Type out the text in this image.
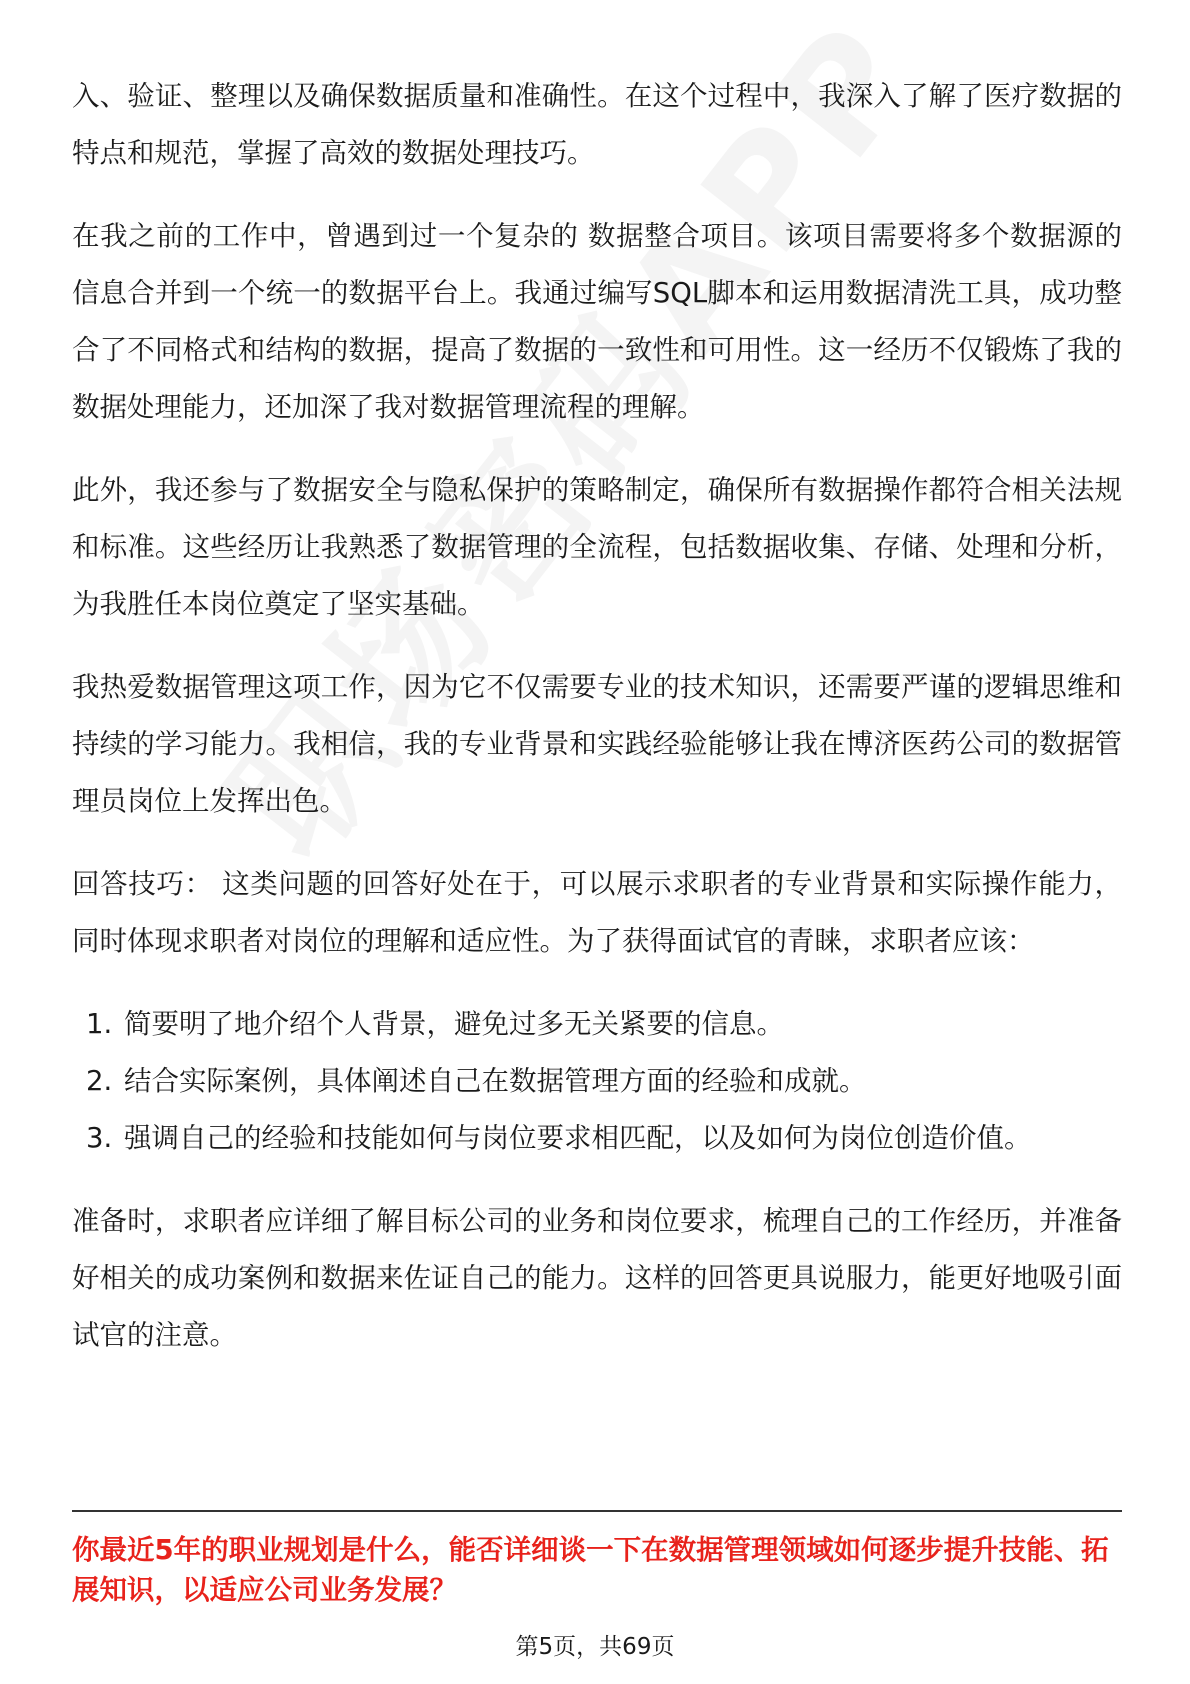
入、验证、整理以及确保数据质量和准确性。在这个过程中，我深入了解了医疗数据的特点和规范，掌握了高效的数据处理技巧。

在我之前的工作中，曾遇到过一个复杂的 数据整合项目。该项目需要将多个数据源的信息合并到一个统一的数据平台上。我通过编写SQL脚本和运用数据清洗工具，成功整合了不同格式和结构的数据，提高了数据的一致性和可用性。这一经历不仅锻炼了我的数据处理能力，还加深了我对数据管理流程的理解。

此外，我还参与了数据安全与隐私保护的策略制定，确保所有数据操作都符合相关法规和标准。这些经历让我熟悉了数据管理的全流程，包括数据收集、存储、处理和分析，为我胜任本岗位奠定了坚实基础。

我热爱数据管理这项工作，因为它不仅需要专业的技术知识，还需要严谨的逻辑思维和持续的学习能力。我相信，我的专业背景和实践经验能够让我在博济医药公司的数据管理员岗位上发挥出色。

回答技巧： 这类问题的回答好处在于，可以展示求职者的专业背景和实际操作能力，同时体现求职者对岗位的理解和适应性。为了获得面试官的青睐，求职者应该：

1. 简要明了地介绍个人背景，避免过多无关紧要的信息。
2. 结合实际案例，具体阐述自己在数据管理方面的经验和成就。
3. 强调自己的经验和技能如何与岗位要求相匹配，以及如何为岗位创造价值。

准备时，求职者应详细了解目标公司的业务和岗位要求，梳理自己的工作经历，并准备好相关的成功案例和数据来佐证自己的能力。这样的回答更具说服力，能更好地吸引面试官的注意。

你最近5年的职业规划是什么，能否详细谈一下在数据管理领域如何逐步提升技能、拓展知识，以适应公司业务发展？
第5页，共69页
